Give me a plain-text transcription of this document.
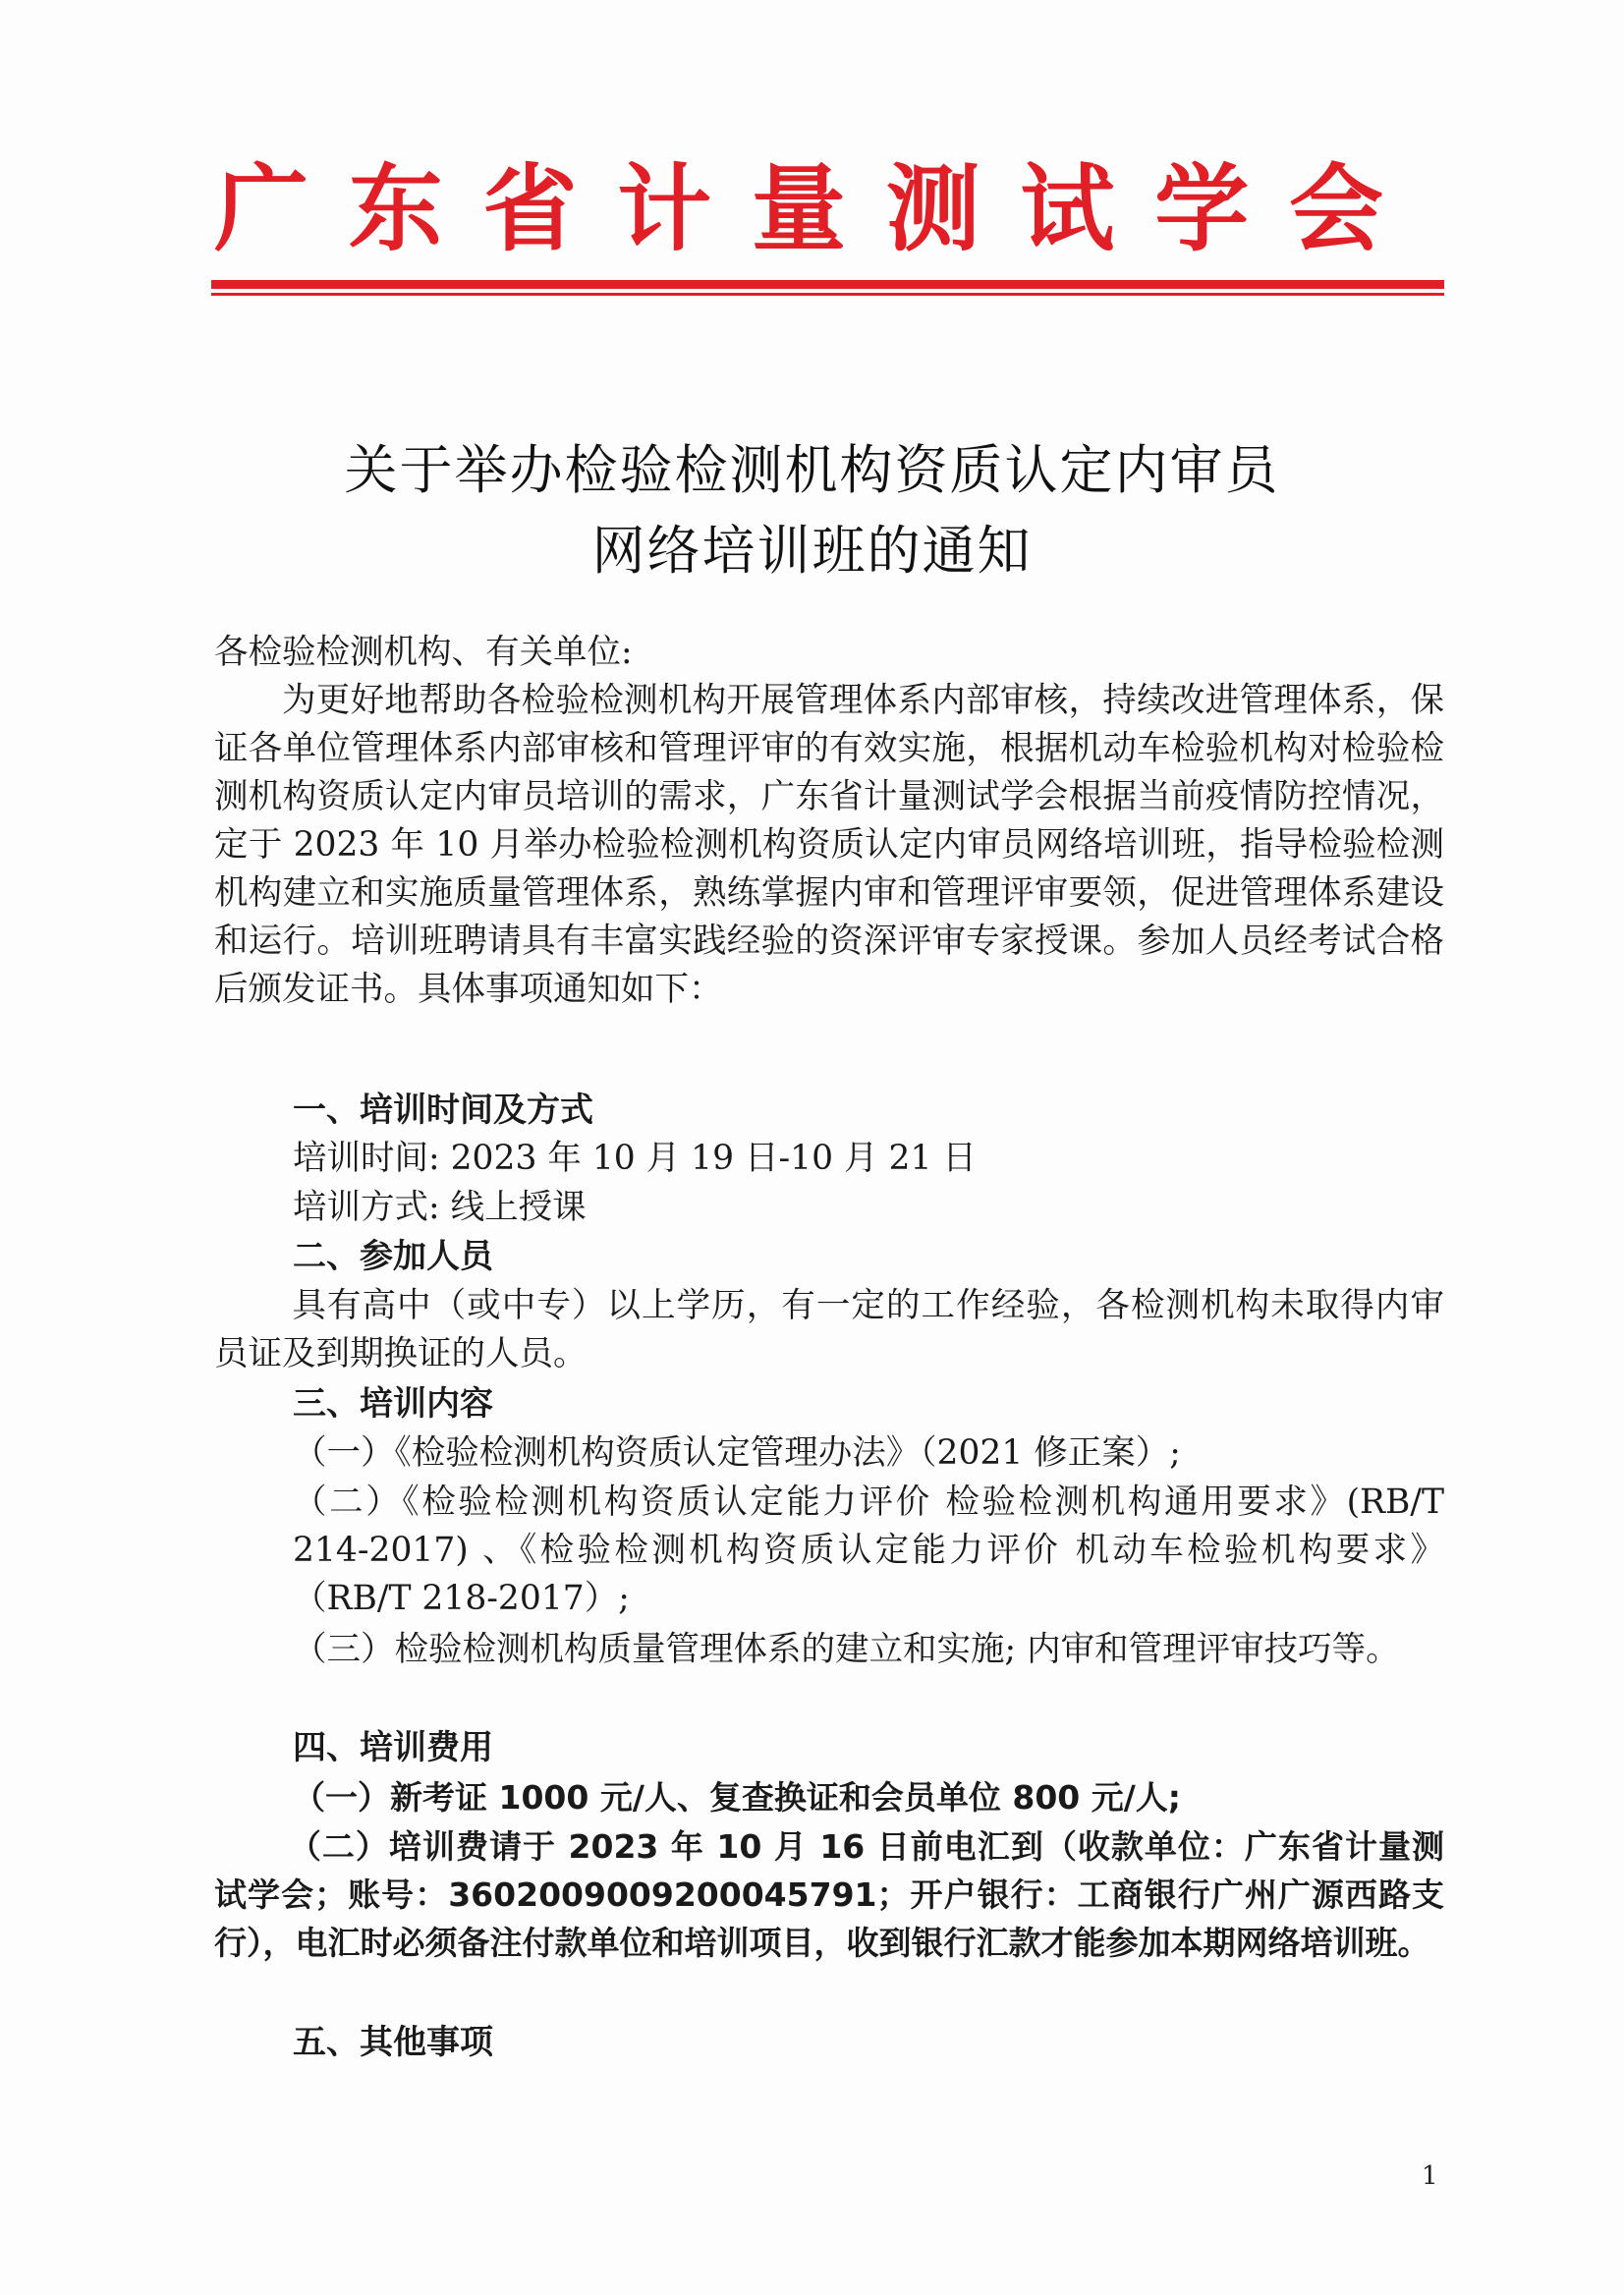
广 东 省 计 量 测 试 学 会
关于举办检验检测机构资质认定内审员
网络培训班的通知
各检验检测机构、有关单位:
为更好地帮助各检验检测机构开展管理体系内部审核，持续改进管理体系，保证各单位管理体系内部审核和管理评审的有效实施，根据机动车检验机构对检验检测机构资质认定内审员培训的需求，广东省计量测试学会根据当前疫情防控情况，定于 2023 年 10 月举办检验检测机构资质认定内审员网络培训班，指导检验检测机构建立和实施质量管理体系，熟练掌握内审和管理评审要领，促进管理体系建设和运行。培训班聘请具有丰富实践经验的资深评审专家授课。参加人员经考试合格后颁发证书。具体事项通知如下：
一、培训时间及方式
培训时间: 2023 年 10 月 19 日-10 月 21 日
培训方式: 线上授课
二、参加人员
具有高中（或中专）以上学历，有一定的工作经验，各检测机构未取得内审员证及到期换证的人员。
三、培训内容
（一）《检验检测机构资质认定管理办法》（2021 修正案）;
（二）《检验检测机构资质认定能力评价 检验检测机构通用要求》(RB/T 214-2017) 、《检验检测机构资质认定能力评价 机动车检验机构要求》（RB/T 218-2017）;
（三）检验检测机构质量管理体系的建立和实施; 内审和管理评审技巧等。
四、培训费用
（一）新考证 1000 元/人、复查换证和会员单位 800 元/人;
（二）培训费请于 2023 年 10 月 16 日前电汇到（收款单位：广东省计量测试学会；账号：3602009009200045791；开户银行：工商银行广州广源西路支行），电汇时必须备注付款单位和培训项目，收到银行汇款才能参加本期网络培训班。
五、其他事项
1
